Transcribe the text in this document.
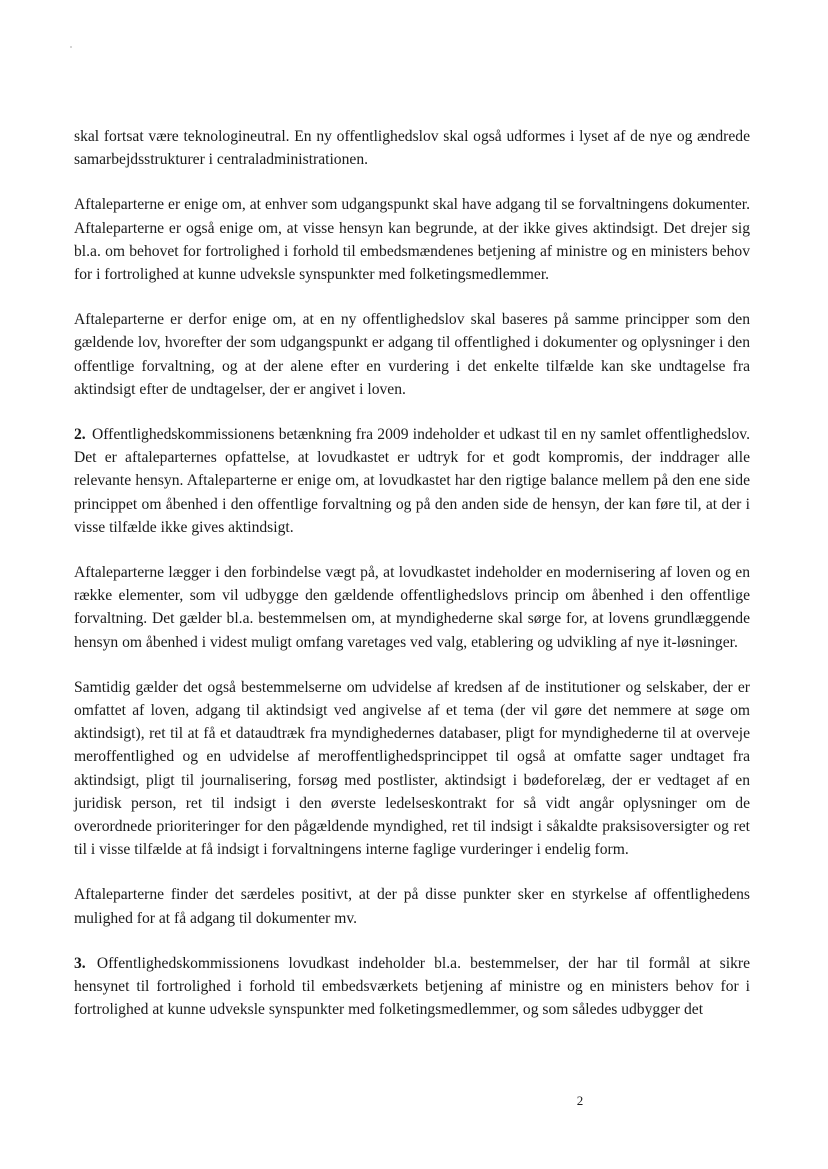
skal fortsat være teknologineutral. En ny offentlighedslov skal også udformes i lyset af de nye og ændrede samarbejdsstrukturer i centraladministrationen.

Aftaleparterne er enige om, at enhver som udgangspunkt skal have adgang til se forvaltningens dokumenter. Aftaleparterne er også enige om, at visse hensyn kan begrunde, at der ikke gives aktindsigt. Det drejer sig bl.a. om behovet for fortrolighed i forhold til embedsmændenes betjening af ministre og en ministers behov for i fortrolighed at kunne udveksle synspunkter med folketingsmedlemmer.

Aftaleparterne er derfor enige om, at en ny offentlighedslov skal baseres på samme principper som den gældende lov, hvorefter der som udgangspunkt er adgang til offentlighed i dokumenter og oplysninger i den offentlige forvaltning, og at der alene efter en vurdering i det enkelte tilfælde kan ske undtagelse fra aktindsigt efter de undtagelser, der er angivet i loven.

2. Offentlighedskommissionens betænkning fra 2009 indeholder et udkast til en ny samlet offentlighedslov. Det er aftaleparternes opfattelse, at lovudkastet er udtryk for et godt kompromis, der inddrager alle relevante hensyn. Aftaleparterne er enige om, at lovudkastet har den rigtige balance mellem på den ene side princippet om åbenhed i den offentlige forvaltning og på den anden side de hensyn, der kan føre til, at der i visse tilfælde ikke gives aktindsigt.

Aftaleparterne lægger i den forbindelse vægt på, at lovudkastet indeholder en modernisering af loven og en række elementer, som vil udbygge den gældende offentlighedslovs princip om åbenhed i den offentlige forvaltning. Det gælder bl.a. bestemmelsen om, at myndighederne skal sørge for, at lovens grundlæggende hensyn om åbenhed i videst muligt omfang varetages ved valg, etablering og udvikling af nye it-løsninger.

Samtidig gælder det også bestemmelserne om udvidelse af kredsen af de institutioner og selskaber, der er omfattet af loven, adgang til aktindsigt ved angivelse af et tema (der vil gøre det nemmere at søge om aktindsigt), ret til at få et dataudtræk fra myndighedernes databaser, pligt for myndighederne til at overveje meroffentlighed og en udvidelse af meroffentlighedsprincippet til også at omfatte sager undtaget fra aktindsigt, pligt til journalisering, forsøg med postlister, aktindsigt i bødeforelæg, der er vedtaget af en juridisk person, ret til indsigt i den øverste ledelseskontrakt for så vidt angår oplysninger om de overordnede prioriteringer for den pågældende myndighed, ret til indsigt i såkaldte praksisoversigter og ret til i visse tilfælde at få indsigt i forvaltningens interne faglige vurderinger i endelig form.

Aftaleparterne finder det særdeles positivt, at der på disse punkter sker en styrkelse af offentlighedens mulighed for at få adgang til dokumenter mv.

3. Offentlighedskommissionens lovudkast indeholder bl.a. bestemmelser, der har til formål at sikre hensynet til fortrolighed i forhold til embedsværkets betjening af ministre og en ministers behov for i fortrolighed at kunne udveksle synspunkter med folketingsmedlemmer, og som således udbygger det

2
